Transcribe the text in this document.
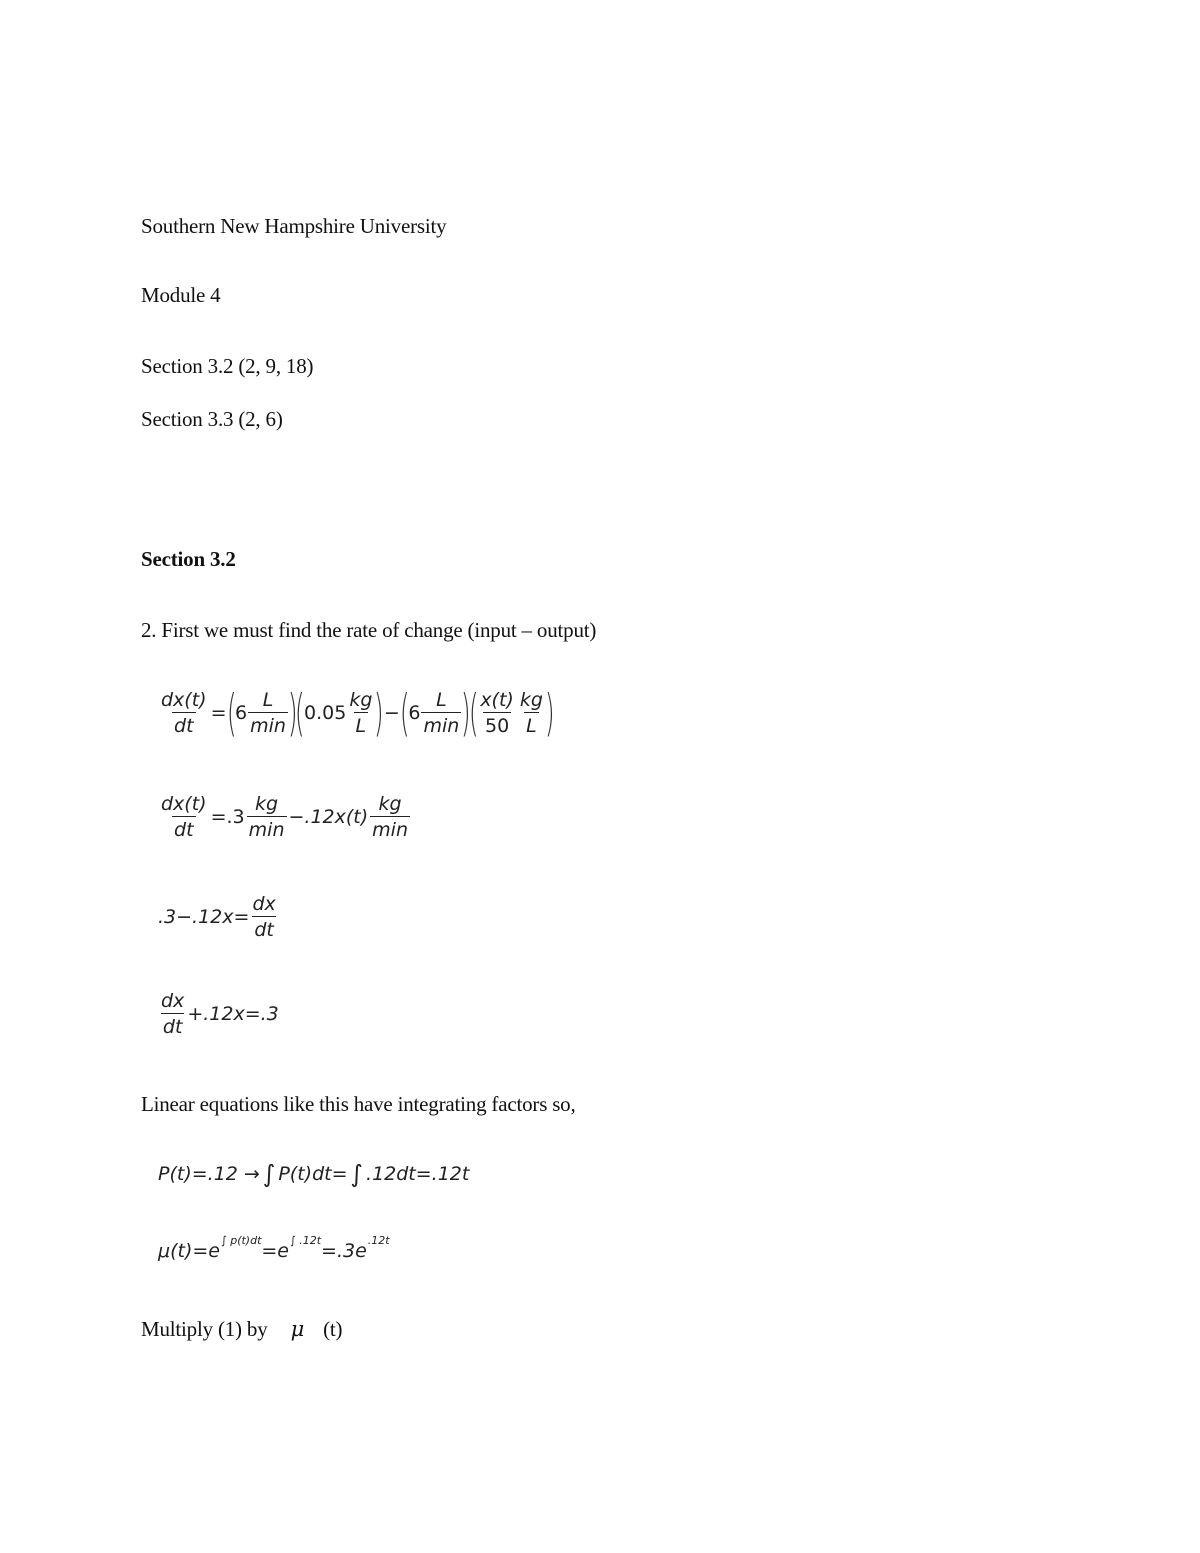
Southern New Hampshire University
Module 4
Section 3.2 (2, 9, 18)
Section 3.3 (2, 6)
Section 3.2
2. First we must find the rate of change (input – output)
$\frac{dx(t)}{dt}$ = (
$6 \frac{L}{\min}$ )
(
$0.05 \frac{kg}{L}$ ) − (
$6 \frac{L}{\min}$ )
( $\frac{x(t)}{50} \frac{kg}{L}$ )
$\frac{dx(t)}{dt} =.3 \frac{kg}{\min} -.12x(t) \frac{kg}{\min}$
$.3-.12x= \frac{dx}{dt}$
$\frac{dx}{dt} +.12x=.3$
Linear equations like this have integrating factors so,
P(t)=.12 → ∫ P(t)dt= ∫ .12dt=.12t
μ(t)=e ∫ p(t)dt =e ∫ .12t =.3e .12t
Multiply (1) by μ (t)
